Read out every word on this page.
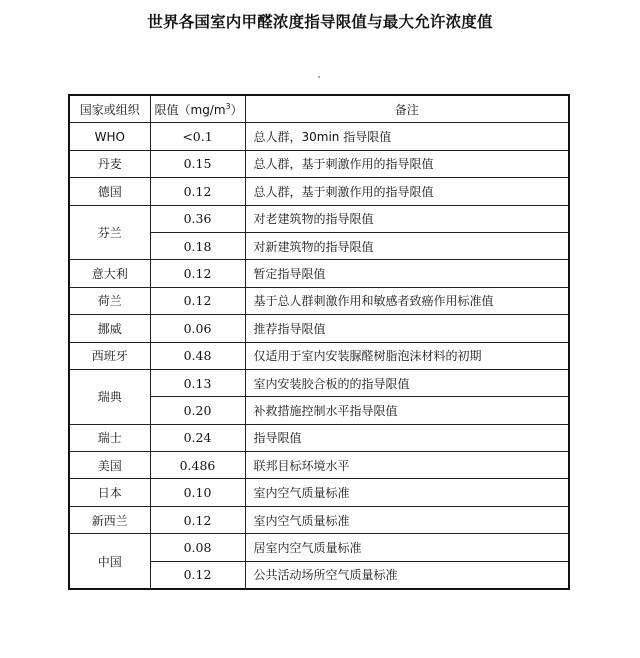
世界各国室内甲醛浓度指导限值与最大允许浓度值
国家或组织	限值$(mg/m^3)$	备注
WHO	<0.1	总人群，30min 指导限值
丹麦	0.15	总人群，基于刺激作用的指导限值
德国	0.12	总人群，基于刺激作用的指导限值
芬兰	0.36	对老建筑物的指导限值
	0.18	对新建筑物的指导限值
意大利	0.12	暂定指导限值
荷兰	0.12	基于总人群刺激作用和敏感者致癌作用标准值
挪威	0.06	推荐指导限值
西班牙	0.48	仅适用于室内安装脲醛树脂泡沫材料的初期
瑞典	0.13	室内安装胶合板的的指导限值
	0.20	补救措施控制水平指导限值
瑞士	0.24	指导限值
美国	0.486	联邦目标环境水平
日本	0.10	室内空气质量标准
新西兰	0.12	室内空气质量标准
中国	0.08	居室内空气质量标准
	0.12	公共活动场所空气质量标准
